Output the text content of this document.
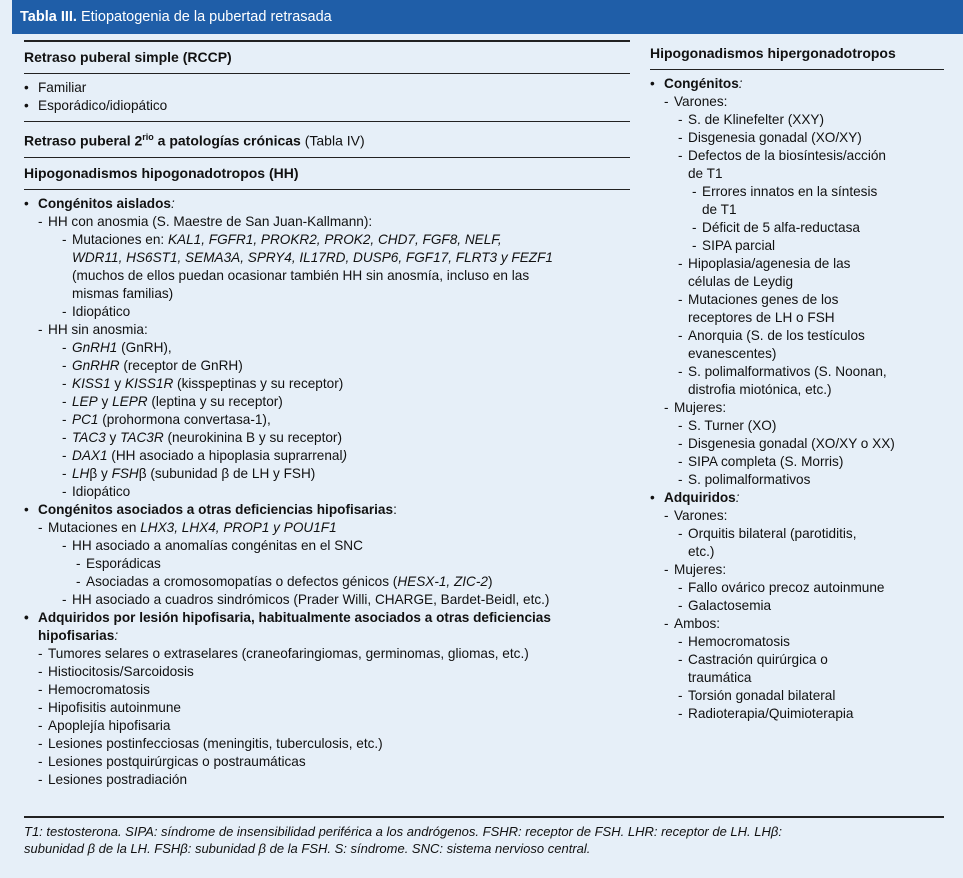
Tabla III. Etiopatogenia de la pubertad retrasada
Retraso puberal simple (RCCP)
• Familiar
• Esporádico/idiopático
Retraso puberal $2^{rio}$ a patologías crónicas (Tabla IV)
Hipogonadismos hipogonadotropos (HH)
• Congénitos aislados:
- HH con anosmia (S. Maestre de San Juan-Kallmann):
- Mutaciones en: KAL1, FGFR1, PROKR2, PROK2, CHD7, FGF8, NELF,
WDR11, HS6ST1, SEMA3A, SPRY4, IL17RD, DUSP6, FGF17, FLRT3 y FEZF1
(muchos de ellos puedan ocasionar también HH sin anosmía, incluso en las
mismas familias)
- Idiopático
- HH sin anosmia:
- GnRH1 (GnRH),
- GnRHR (receptor de GnRH)
- KISS1 y KISS1R (kisspeptinas y su receptor)
- LEP y LEPR (leptina y su receptor)
- PC1 (prohormona convertasa-1),
- TAC3 y TAC3R (neurokinina B y su receptor)
- DAX1 (HH asociado a hipoplasia suprarrenal)
- LHβ y FSHβ (subunidad β de LH y FSH)
- Idiopático
• Congénitos asociados a otras deficiencias hipofisarias:
- Mutaciones en LHX3, LHX4, PROP1 y POU1F1
- HH asociado a anomalías congénitas en el SNC
Esporádicas
Asociadas a cromosomopatías o defectos génicos (HESX-1, ZIC-2)
- HH asociado a cuadros sindrómicos (Prader Willi, CHARGE, Bardet-Beidl, etc.)
• Adquiridos por lesión hipofisaria, habitualmente asociados a otras deficiencias
hipofisarias:
- Tumores selares o extraselares (craneofaringiomas, germinomas, gliomas, etc.)
- Histiocitosis/Sarcoidosis
- Hemocromatosis
- Hipofisitis autoinmune
- Apoplejía hipofisaria
- Lesiones postinfecciosas (meningitis, tuberculosis, etc.)
- Lesiones postquirúrgicas o postraumáticas
- Lesiones postradiación
Hipogonadismos hipergonadotropos
• Congénitos:
- Varones:
- S. de Klinefelter (XXY)
- Disgenesia gonadal (XO/XY)
- Defectos de la biosíntesis/acción
de T1
Errores innatos en la síntesis
de T1
Déficit de 5 alfa-reductasa
SIPA parcial
- Hipoplasia/agenesia de las
células de Leydig
- Mutaciones genes de los
receptores de LH o FSH
- Anorquia (S. de los testículos
evanescentes)
- S. polimalformativos (S. Noonan,
distrofia miotónica, etc.)
- Mujeres:
- S. Turner (XO)
- Disgenesia gonadal (XO/XY o XX)
- SIPA completa (S. Morris)
- S. polimalformativos
• Adquiridos:
- Varones:
- Orquitis bilateral (parotiditis,
etc.)
- Mujeres:
- Fallo ovárico precoz autoinmune
- Galactosemia
- Ambos:
- Hemocromatosis
- Castración quirúrgica o
traumática
- Torsión gonadal bilateral
- Radioterapia/Quimioterapia
T1: testosterona. SIPA: síndrome de insensibilidad periférica a los andrógenos. FSHR: receptor de FSH. LHR: receptor de LH. LHβ:
subunidad β de la LH. FSHβ: subunidad β de la FSH. S: síndrome. SNC: sistema nervioso central.
